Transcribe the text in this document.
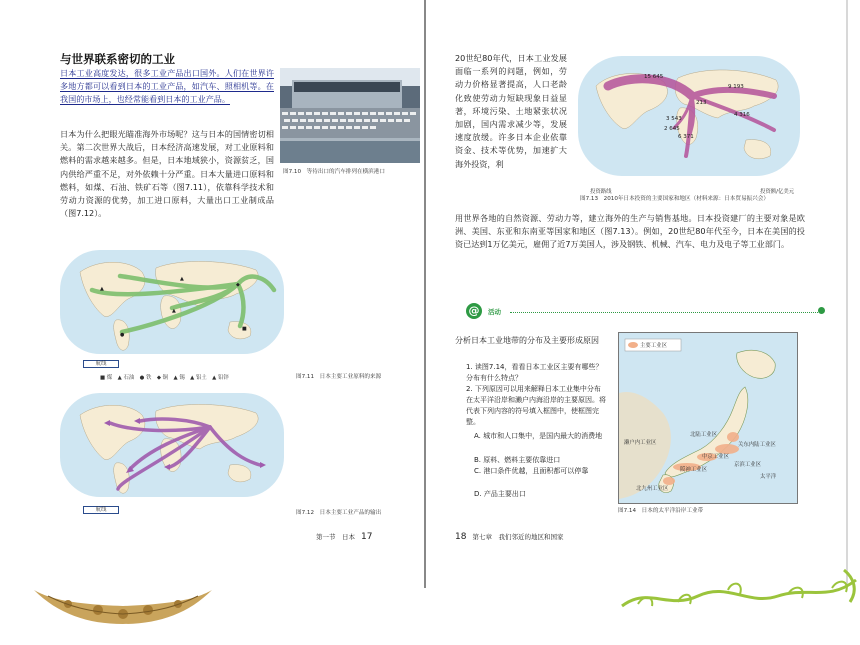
与世界联系密切的工业

日本工业高度发达，很多工业产品出口国外。人们在世界许多地方都可以看到日本的工业产品，如汽车、照相机等。在我国的市场上，也经常能看到日本的工业产品。

日本为什么把眼光瞄准海外市场呢？这与日本的国情密切相关。第二次世界大战后，日本经济高速发展，对工业原料和燃料的需求越来越多。但是，日本地域狭小，资源贫乏，国内供给严重不足，对外依赖十分严重。日本大量进口原料和燃料，如煤、石油、铁矿石等（图7.11），依靠科学技术和劳动力资源的优势，加工进口原料，大量出口工业制成品（图7.12）。

图7.10　等待出口的汽车排列在横滨港口
▲
●
▲
■
▲
◆
航线
■ 煤　▲ 石油　● 铁　◆ 铜　▲ 锡　▲ 铝土　▲ 铅锌	图7.11　日本主要工业原料的来源
航线	图7.12　日本主要工业产品的输出
第一节　日本 17

20世纪80年代，日本工业发展面临一系列的问题，例如，劳动力价格显著提高，人口老龄化致使劳动力短缺现象日益显著，环境污染、土地紧张状况加剧，国内需求减少等，发展速度放缓。许多日本企业依靠资金、技术等优势，加速扩大海外投资，利

15 645
9 193
4 316
3 543
2 645
6 371
213
投资路线	投资额/亿美元
图7.13　2010年日本投资的主要国家和地区（材料来源：日本贸易振兴会）

用世界各地的自然资源、劳动力等，建立海外的生产与销售基地。日本投资建厂的主要对象是欧洲、美国、东亚和东南亚等国家和地区（图7.13）。例如，20世纪80年代至今，日本在美国的投资已达到1万亿美元，雇佣了近7万美国人，涉及钢铁、机械、汽车、电力及电子等工业部门。

@	活动
分析日本工业地带的分布及主要形成原因
1. 读图7.14，看看日本工业区主要有哪些？分布有什么特点？
2. 下列原因可以用来解释日本工业集中分布在太平洋沿岸和濑户内海沿岸的主要原因。将代表下列内容的符号填入框图中，使框图完整。
A. 城市和人口集中，是国内最大的消费地
B. 原料、燃料主要依靠进口
C. 港口条件优越，且面积都可以停靠
D. 产品主要出口
主要工业区
濑户内工业区
阪神工业区
中京工业区
京滨工业区
北九州工业区
北陆工业区
关东内陆工业区
太平洋
图7.14　日本的太平洋沿岸工业带
18 第七章　我们邻近的地区和国家
